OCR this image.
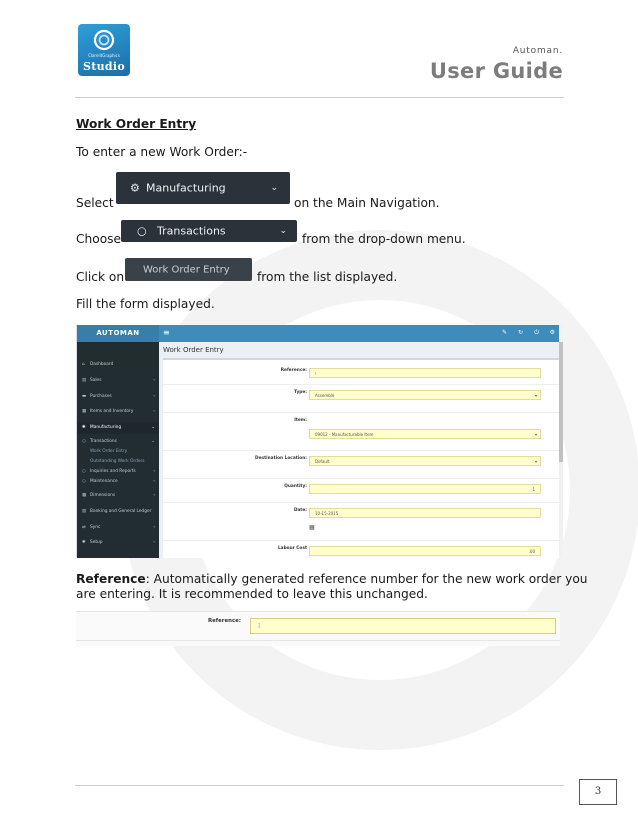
ClarelitGraphics
Studio
Automan.
User Guide
Work Order Entry
To enter a new Work Order:-
Select
⚙ Manufacturing	⌄
on the Main Navigation.
Choose
○ Transactions	⌄
from the drop-down menu.
Click on
Work Order Entry
from the list displayed.
Fill the form displayed.
AUTOMAN
⌂ Dashboard
▤ Sales	‹
▬ Purchases	‹
▦ Items and Inventory	‹
✱ Manufacturing	⌄
○ Transactions	⌄
Work Order Entry
Outstanding Work Orders
○ Inquiries and Reports	‹
○ Maintenance	‹
▦ Dimensions	‹
▤ Banking and General Ledger
⇄ Sync	‹
✱ Setup	‹
≡	✎ ↻ ⏻ ⚙
Work Order Entry
Reference:
⁞
Type:
Assemble	▾
Item:
09012 - Manufacturable Item	▾
Destination Location:
Default	▾
Quantity:
1
Date:
10-15-2015
▦
Labour Cost
.00
Reference: Automatically generated reference number for the new work order you
are entering. It is recommended to leave this unchanged.
Reference:
⁞
3
